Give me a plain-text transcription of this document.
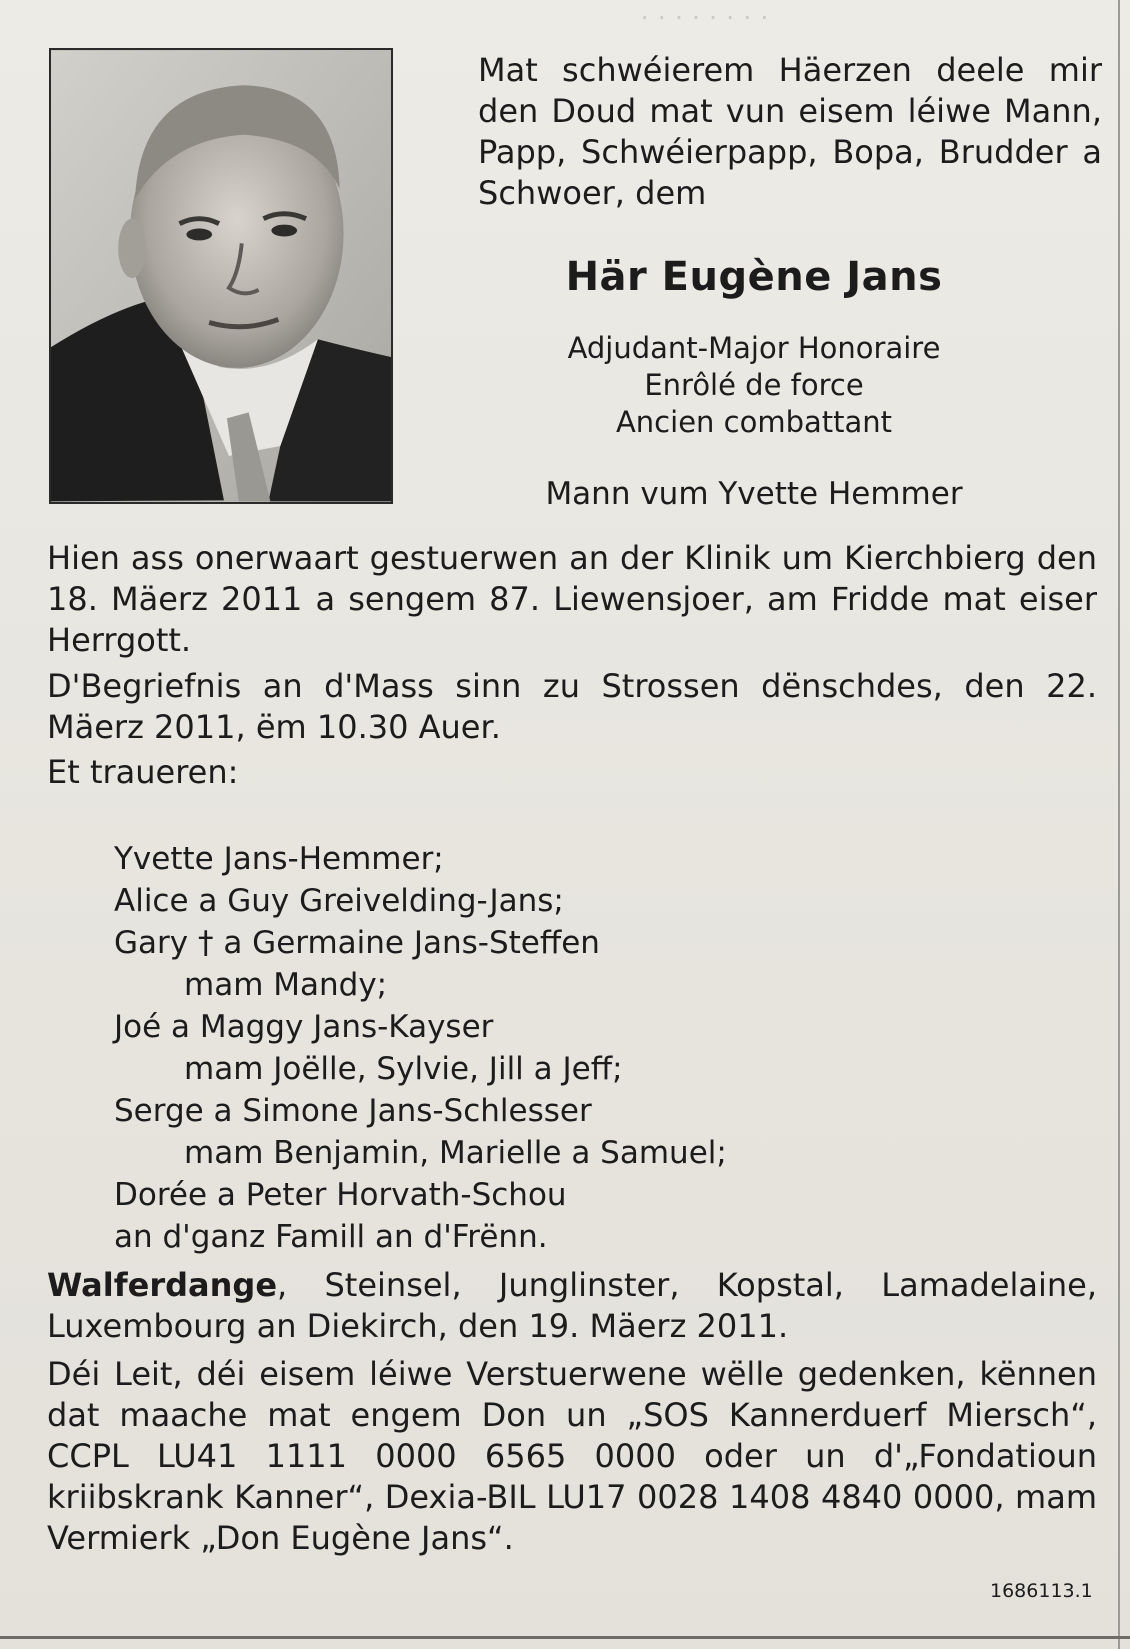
· · · · · · · ·
Mat schwéierem Häerzen deele mir den Doud mat vun eisem léiwe Mann, Papp, Schwéierpapp, Bopa, Brudder a Schwoer, dem
Här Eugène Jans
Adjudant-Major Honoraire
Enrôlé de force
Ancien combattant
Mann vum Yvette Hemmer
Hien ass onerwaart gestuerwen an der Klinik um Kierchbierg den 18. Mäerz 2011 a sengem 87. Liewensjoer, am Fridde mat eiser Herrgott.
D'Begriefnis an d'Mass sinn zu Strossen dënschdes, den 22. Mäerz 2011, ëm 10.30 Auer.
Et traueren:
Yvette Jans-Hemmer;
Alice a Guy Greivelding-Jans;
Gary † a Germaine Jans-Steffen
mam Mandy;
Joé a Maggy Jans-Kayser
mam Joëlle, Sylvie, Jill a Jeff;
Serge a Simone Jans-Schlesser
mam Benjamin, Marielle a Samuel;
Dorée a Peter Horvath-Schou
an d'ganz Famill an d'Frënn.
Walferdange, Steinsel, Junglinster, Kopstal, Lamadelaine, Luxembourg an Diekirch, den 19. Mäerz 2011.
Déi Leit, déi eisem léiwe Verstuerwene wëlle gedenken, kënnen dat maache mat engem Don un „SOS Kannerduerf Miersch“, CCPL LU41 1111 0000 6565 0000 oder un d'„Fondatioun kriibskrank Kanner“, Dexia-BIL LU17 0028 1408 4840 0000, mam Vermierk „Don Eugène Jans“.
1686113.1
